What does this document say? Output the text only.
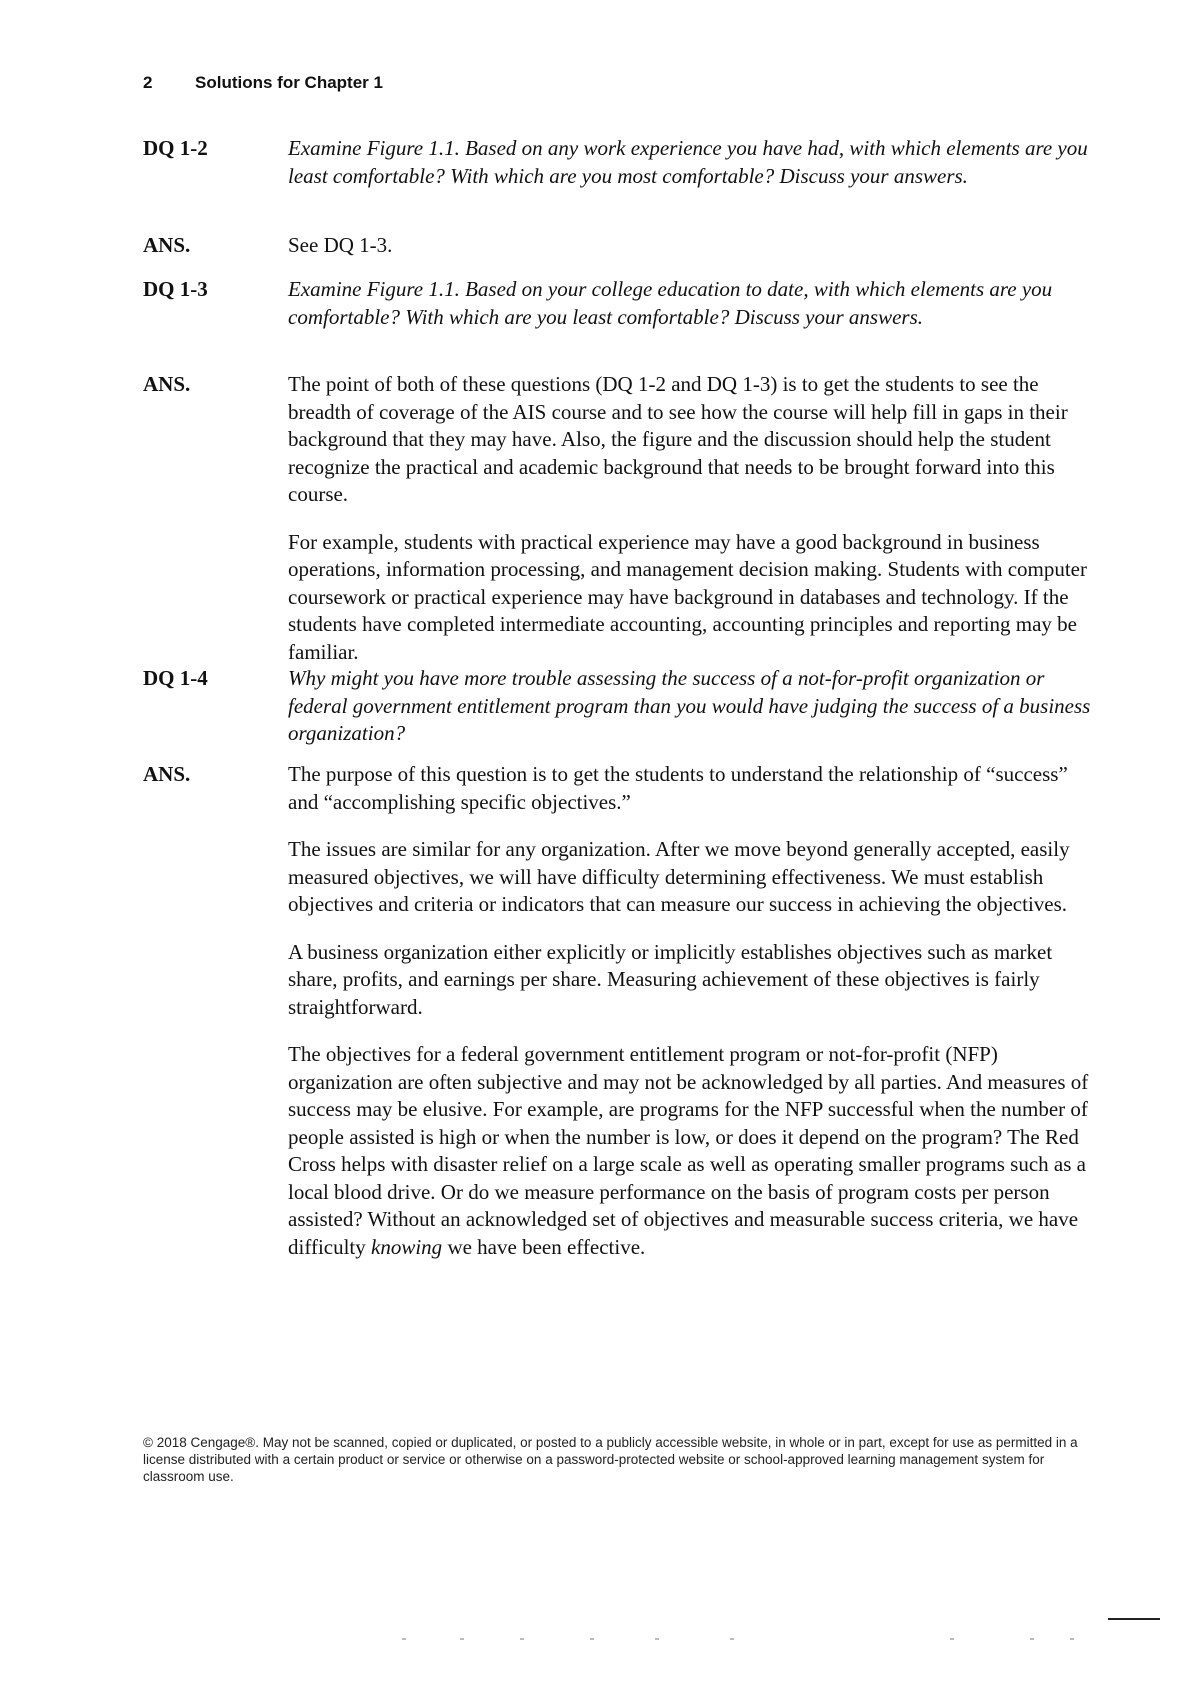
2	Solutions for Chapter 1
DQ 1-2	Examine Figure 1.1. Based on any work experience you have had, with which elements are you least comfortable? With which are you most comfortable? Discuss your answers.

ANS.	See DQ 1-3.

DQ 1-3	Examine Figure 1.1. Based on your college education to date, with which elements are you comfortable? With which are you least comfortable? Discuss your answers.

ANS.	The point of both of these questions (DQ 1-2 and DQ 1-3) is to get the students to see the breadth of coverage of the AIS course and to see how the course will help fill in gaps in their background that they may have. Also, the figure and the discussion should help the student recognize the practical and academic background that needs to be brought forward into this course.

For example, students with practical experience may have a good background in business operations, information processing, and management decision making. Students with computer coursework or practical experience may have background in databases and technology. If the students have completed intermediate accounting, accounting principles and reporting may be familiar.

DQ 1-4	Why might you have more trouble assessing the success of a not-for-profit organization or federal government entitlement program than you would have judging the success of a business organization?

ANS.	The purpose of this question is to get the students to understand the relationship of “success” and “accomplishing specific objectives.”

The issues are similar for any organization. After we move beyond generally accepted, easily measured objectives, we will have difficulty determining effectiveness. We must establish objectives and criteria or indicators that can measure our success in achieving the objectives.

A business organization either explicitly or implicitly establishes objectives such as market share, profits, and earnings per share. Measuring achievement of these objectives is fairly straightforward.

The objectives for a federal government entitlement program or not-for-profit (NFP) organization are often subjective and may not be acknowledged by all parties. And measures of success may be elusive. For example, are programs for the NFP successful when the number of people assisted is high or when the number is low, or does it depend on the program? The Red Cross helps with disaster relief on a large scale as well as operating smaller programs such as a local blood drive. Or do we measure performance on the basis of program costs per person assisted? Without an acknowledged set of objectives and measurable success criteria, we have difficulty knowing we have been effective.

© 2018 Cengage®. May not be scanned, copied or duplicated, or posted to a publicly accessible website, in whole or in part, except for use as permitted in a license distributed with a certain product or service or otherwise on a password-protected website or school-approved learning management system for classroom use.
